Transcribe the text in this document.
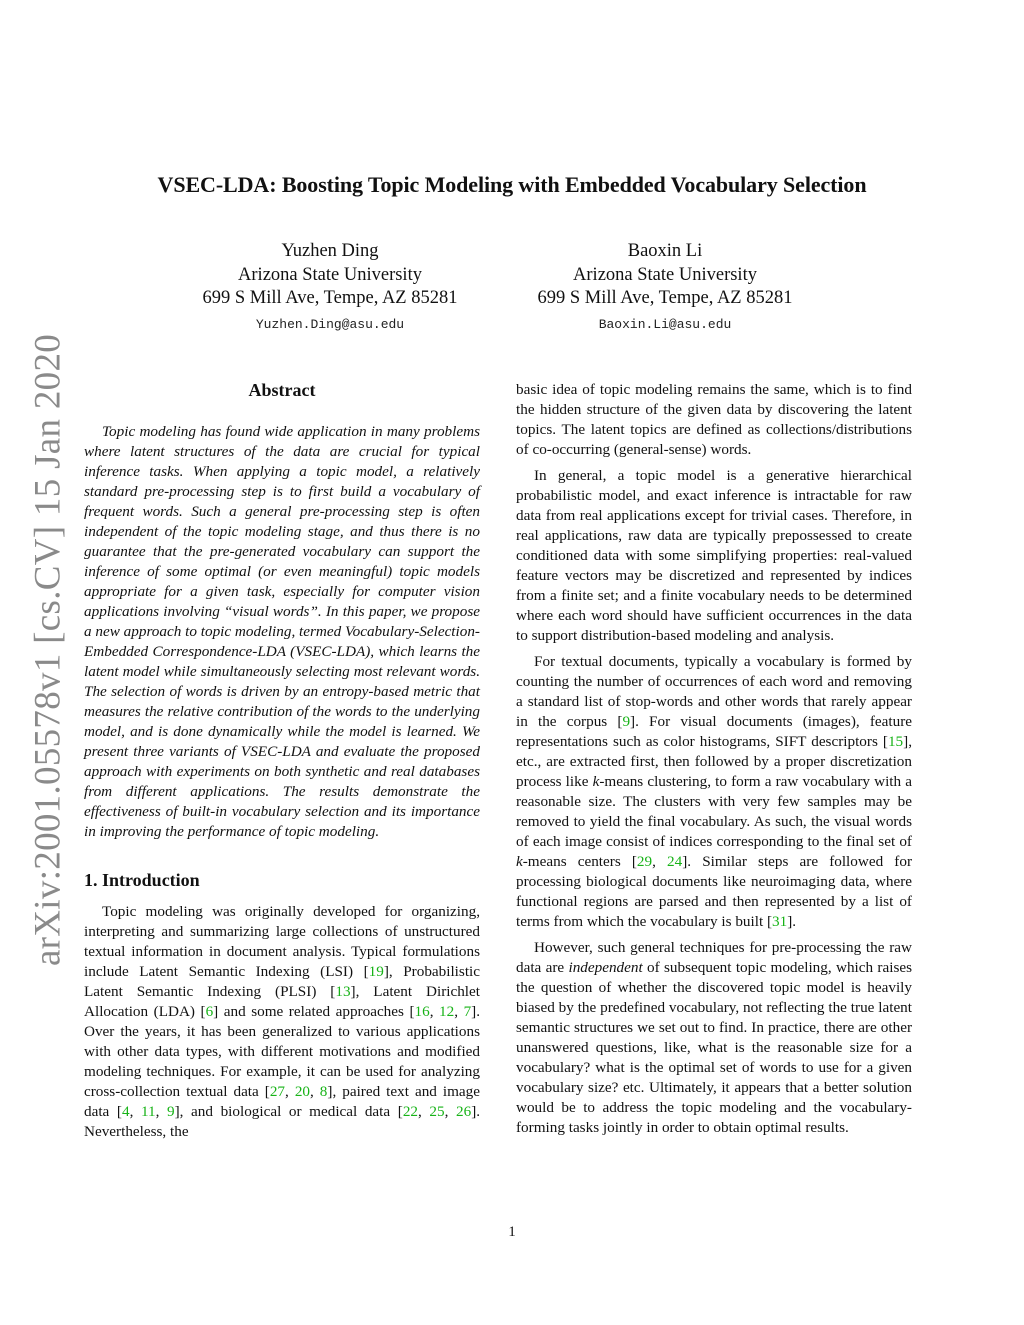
VSEC-LDA: Boosting Topic Modeling with Embedded Vocabulary Selection
Yuzhen Ding
Arizona State University
699 S Mill Ave, Tempe, AZ 85281
Yuzhen.Ding@asu.edu
Baoxin Li
Arizona State University
699 S Mill Ave, Tempe, AZ 85281
Baoxin.Li@asu.edu
arXiv:2001.05578v1 [cs.CV] 15 Jan 2020	Abstract

Topic modeling has found wide application in many problems where latent structures of the data are crucial for typical inference tasks. When applying a topic model, a relatively standard pre-processing step is to first build a vocabulary of frequent words. Such a general pre-processing step is often independent of the topic modeling stage, and thus there is no guarantee that the pre-generated vocabulary can support the inference of some optimal (or even meaningful) topic models appropriate for a given task, especially for computer vision applications involving “visual words”. In this paper, we propose a new approach to topic modeling, termed Vocabulary-Selection-Embedded Correspondence-LDA (VSEC-LDA), which learns the latent model while simultaneously selecting most relevant words. The selection of words is driven by an entropy-based metric that measures the relative contribution of the words to the underlying model, and is done dynamically while the model is learned. We present three variants of VSEC-LDA and evaluate the proposed approach with experiments on both synthetic and real databases from different applications. The results demonstrate the effectiveness of built-in vocabulary selection and its importance in improving the performance of topic modeling.

1. Introduction

Topic modeling was originally developed for organizing, interpreting and summarizing large collections of unstructured textual information in document analysis. Typical formulations include Latent Semantic Indexing (LSI) [19], Probabilistic Latent Semantic Indexing (PLSI) [13], Latent Dirichlet Allocation (LDA) [6] and some related approaches [16, 12, 7]. Over the years, it has been generalized to various applications with other data types, with different motivations and modified modeling techniques. For example, it can be used for analyzing cross-collection textual data [27, 20, 8], paired text and image data [4, 11, 9], and biological or medical data [22, 25, 26]. Nevertheless, the

basic idea of topic modeling remains the same, which is to find the hidden structure of the given data by discovering the latent topics. The latent topics are defined as collections/distributions of co-occurring (general-sense) words.

In general, a topic model is a generative hierarchical probabilistic model, and exact inference is intractable for raw data from real applications except for trivial cases. Therefore, in real applications, raw data are typically prepossessed to create conditioned data with some simplifying properties: real-valued feature vectors may be discretized and represented by indices from a finite set; and a finite vocabulary needs to be determined where each word should have sufficient occurrences in the data to support distribution-based modeling and analysis.

For textual documents, typically a vocabulary is formed by counting the number of occurrences of each word and removing a standard list of stop-words and other words that rarely appear in the corpus [9]. For visual documents (images), feature representations such as color histograms, SIFT descriptors [15], etc., are extracted first, then followed by a proper discretization process like k-means clustering, to form a raw vocabulary with a reasonable size. The clusters with very few samples may be removed to yield the final vocabulary. As such, the visual words of each image consist of indices corresponding to the final set of k-means centers [29, 24]. Similar steps are followed for processing biological documents like neuroimaging data, where functional regions are parsed and then represented by a list of terms from which the vocabulary is built [31].

However, such general techniques for pre-processing the raw data are independent of subsequent topic modeling, which raises the question of whether the discovered topic model is heavily biased by the predefined vocabulary, not reflecting the true latent semantic structures we set out to find. In practice, there are other unanswered questions, like, what is the reasonable size for a vocabulary? what is the optimal set of words to use for a given vocabulary size? etc. Ultimately, it appears that a better solution would be to address the topic modeling and the vocabulary-forming tasks jointly in order to obtain optimal results.

1
